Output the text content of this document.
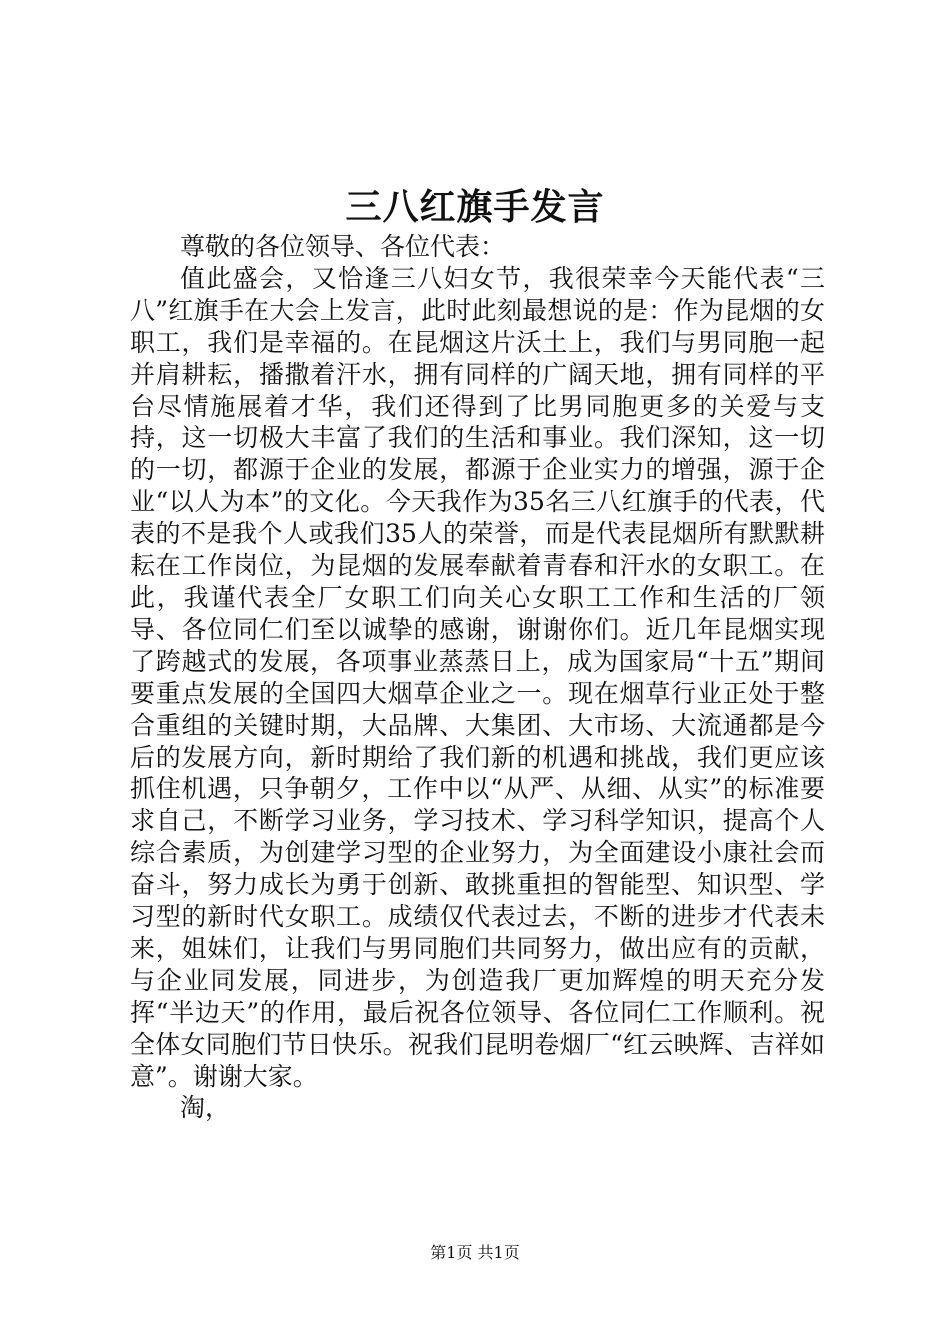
三八红旗手发言

尊敬的各位领导、各位代表：

值此盛会，又恰逢三八妇女节，我很荣幸今天能代表“三八”红旗手在大会上发言，此时此刻最想说的是：作为昆烟的女职工，我们是幸福的。在昆烟这片沃土上，我们与男同胞一起并肩耕耘，播撒着汗水，拥有同样的广阔天地，拥有同样的平台尽情施展着才华，我们还得到了比男同胞更多的关爱与支持，这一切极大丰富了我们的生活和事业。我们深知，这一切的一切，都源于企业的发展，都源于企业实力的增强，源于企业“以人为本”的文化。今天我作为35名三八红旗手的代表，代表的不是我个人或我们35人的荣誉，而是代表昆烟所有默默耕耘在工作岗位，为昆烟的发展奉献着青春和汗水的女职工。在此，我谨代表全厂女职工们向关心女职工工作和生活的厂领导、各位同仁们至以诚挚的感谢，谢谢你们。近几年昆烟实现了跨越式的发展，各项事业蒸蒸日上，成为国家局“十五”期间要重点发展的全国四大烟草企业之一。现在烟草行业正处于整合重组的关键时期，大品牌、大集团、大市场、大流通都是今后的发展方向，新时期给了我们新的机遇和挑战，我们更应该抓住机遇，只争朝夕，工作中以“从严、从细、从实”的标准要求自己，不断学习业务，学习技术、学习科学知识，提高个人综合素质，为创建学习型的企业努力，为全面建设小康社会而奋斗，努力成长为勇于创新、敢挑重担的智能型、知识型、学习型的新时代女职工。成绩仅代表过去，不断的进步才代表未来，姐妹们，让我们与男同胞们共同努力，做出应有的贡献，与企业同发展，同进步，为创造我厂更加辉煌的明天充分发挥“半边天”的作用，最后祝各位领导、各位同仁工作顺利。祝全体女同胞们节日快乐。祝我们昆明卷烟厂“红云映辉、吉祥如意”。谢谢大家。

淘，

第1页 共1页
